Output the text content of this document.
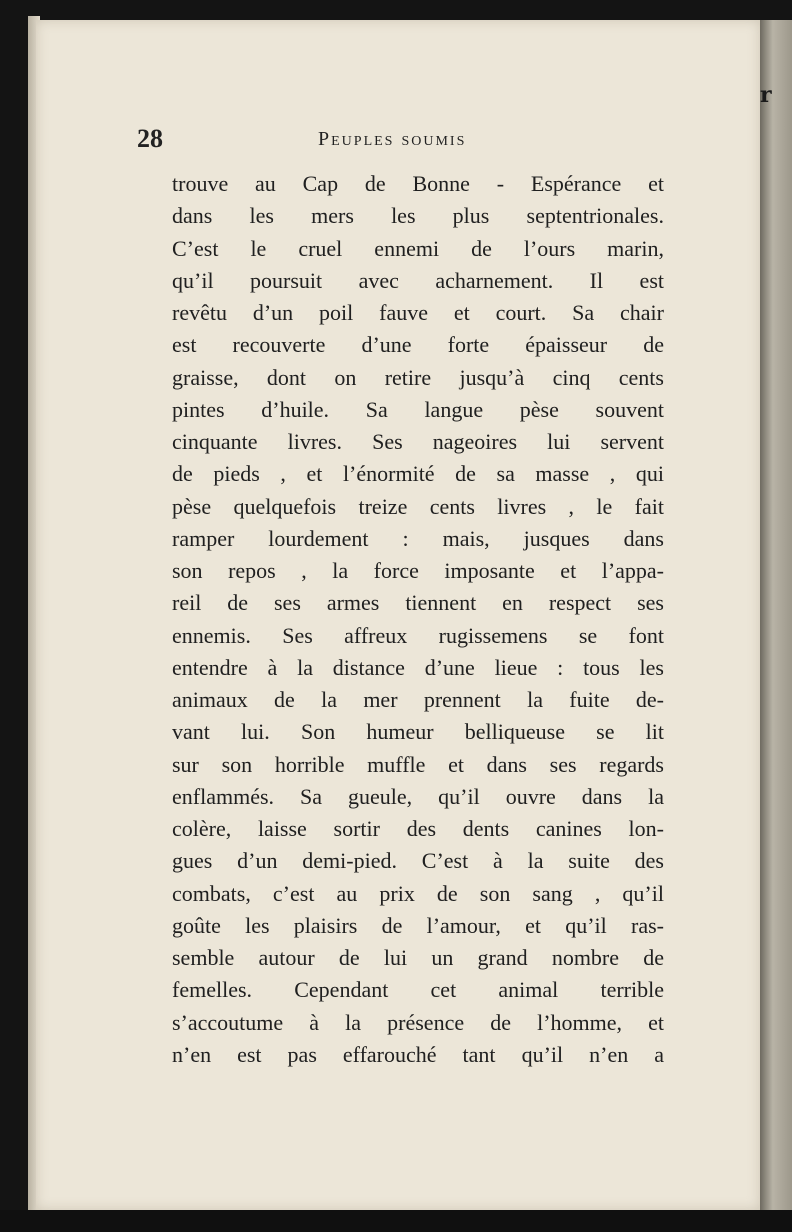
r
28	Peuples soumis
trouve au Cap de Bonne - Espérance et
dans les mers les plus septentrionales.
C’est le cruel ennemi de l’ours marin,
qu’il poursuit avec acharnement. Il est
revêtu d’un poil fauve et court. Sa chair
est recouverte d’une forte épaisseur de
graisse, dont on retire jusqu’à cinq cents
pintes d’huile. Sa langue pèse souvent
cinquante livres. Ses nageoires lui servent
de pieds , et l’énormité de sa masse , qui
pèse quelquefois treize cents livres , le fait
ramper lourdement : mais, jusques dans
son repos , la force imposante et l’appa-
reil de ses armes tiennent en respect ses
ennemis. Ses affreux rugissemens se font
entendre à la distance d’une lieue : tous les
animaux de la mer prennent la fuite de-
vant lui. Son humeur belliqueuse se lit
sur son horrible muffle et dans ses regards
enflammés. Sa gueule, qu’il ouvre dans la
colère, laisse sortir des dents canines lon-
gues d’un demi-pied. C’est à la suite des
combats, c’est au prix de son sang , qu’il
goûte les plaisirs de l’amour, et qu’il ras-
semble autour de lui un grand nombre de
femelles. Cependant cet animal terrible
s’accoutume à la présence de l’homme, et
n’en est pas effarouché tant qu’il n’en a
